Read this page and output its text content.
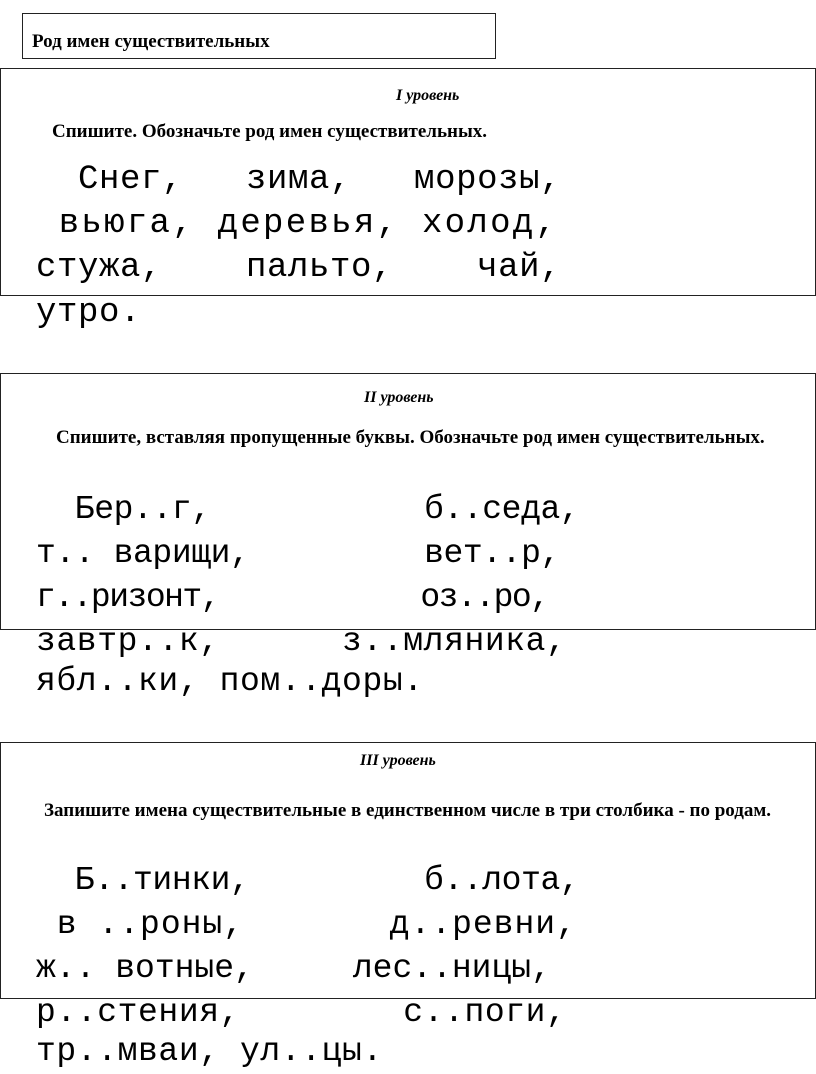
Род имен существительных
I уровень
Спишите. Обозначьте род имен существительных.
Снег,   зима,   морозы,
вьюга, деревья, холод,
стужа,    пальто,    чай,
утро.
II уровень
Спишите, вставляя пропущенные буквы. Обозначьте род имен существительных.
Бер..г,           б..седа,
т.. варищи,         вет..р,
г..ризонт,           оз..ро,
завтр..к,      з..мляника,
ябл..ки, пом..доры.
III уровень
Запишите имена существительные в единственном числе в три столбика - по родам.
Б..тинки,         б..лота,
в ..роны,       д..ревни,
ж.. вотные,     лес..ницы,
р..стения,        с..поги,
тр..мваи, ул..цы.
